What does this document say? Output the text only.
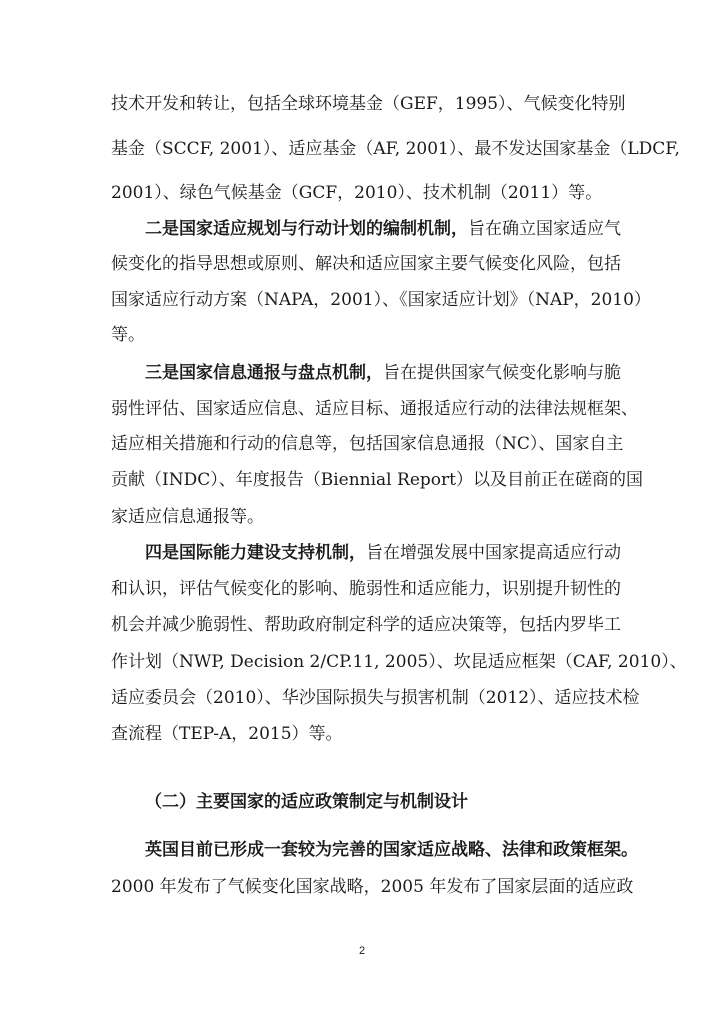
技术开发和转让，包括全球环境基金（GEF，1995）、气候变化特别
基金（SCCF, 2001）、适应基金（AF, 2001）、最不发达国家基金（LDCF,
2001）、绿色气候基金（GCF，2010）、技术机制（2011）等。
二是国家适应规划与行动计划的编制机制，旨在确立国家适应气
候变化的指导思想或原则、解决和适应国家主要气候变化风险，包括
国家适应行动方案（NAPA，2001）、《国家适应计划》（NAP，2010）
等。
三是国家信息通报与盘点机制，旨在提供国家气候变化影响与脆
弱性评估、国家适应信息、适应目标、通报适应行动的法律法规框架、
适应相关措施和行动的信息等，包括国家信息通报（NC）、国家自主
贡献（INDC）、年度报告（Biennial Report）以及目前正在磋商的国
家适应信息通报等。
四是国际能力建设支持机制，旨在增强发展中国家提高适应行动
和认识，评估气候变化的影响、脆弱性和适应能力，识别提升韧性的
机会并减少脆弱性、帮助政府制定科学的适应决策等，包括内罗毕工
作计划（NWP, Decision 2/CP.11, 2005）、坎昆适应框架（CAF, 2010）、
适应委员会（2010）、华沙国际损失与损害机制（2012）、适应技术检
查流程（TEP-A，2015）等。
（二）主要国家的适应政策制定与机制设计
英国目前已形成一套较为完善的国家适应战略、法律和政策框架。
2000 年发布了气候变化国家战略，2005 年发布了国家层面的适应政
2
